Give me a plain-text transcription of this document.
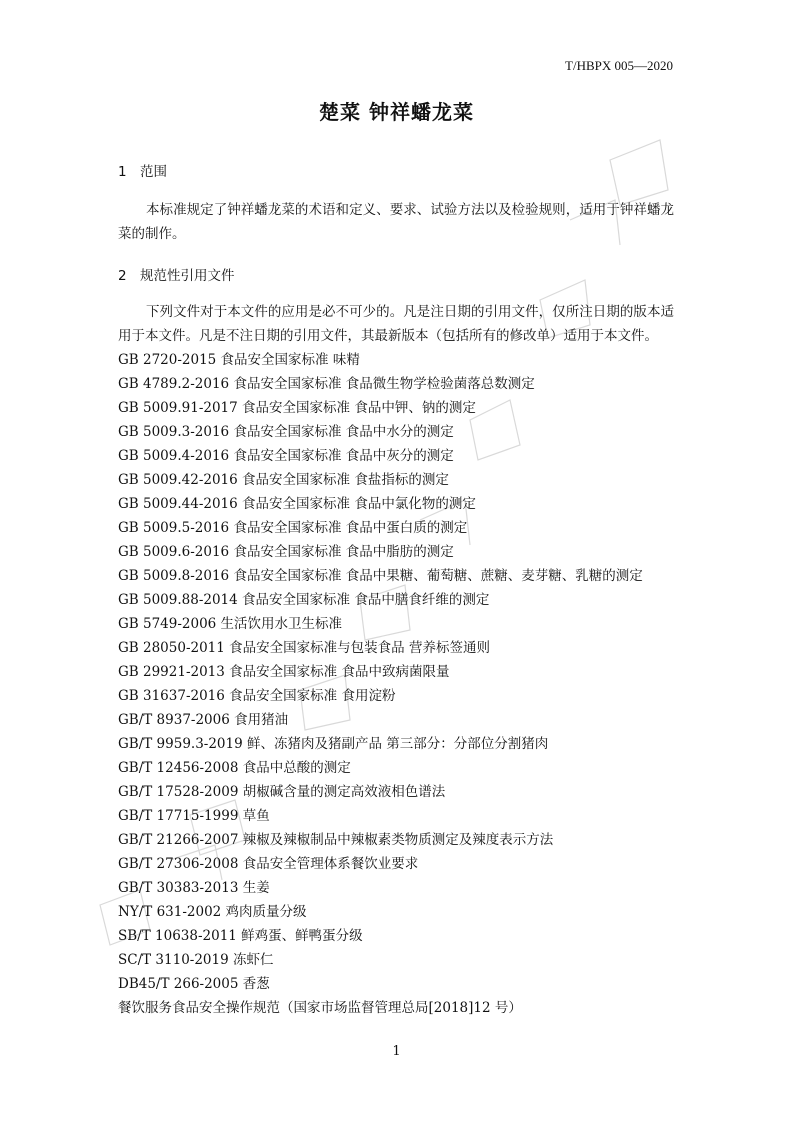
T/HBPX 005—2020
楚菜 钟祥蟠龙菜
1 范围
本标准规定了钟祥蟠龙菜的术语和定义、要求、试验方法以及检验规则，适用于钟祥蟠龙菜的制作。
2 规范性引用文件
下列文件对于本文件的应用是必不可少的。凡是注日期的引用文件，仅所注日期的版本适用于本文件。凡是不注日期的引用文件，其最新版本（包括所有的修改单）适用于本文件。
GB 2720-2015 食品安全国家标准 味精
GB 4789.2-2016 食品安全国家标准 食品微生物学检验菌落总数测定
GB 5009.91-2017 食品安全国家标准 食品中钾、钠的测定
GB 5009.3-2016 食品安全国家标准 食品中水分的测定
GB 5009.4-2016 食品安全国家标准 食品中灰分的测定
GB 5009.42-2016 食品安全国家标准 食盐指标的测定
GB 5009.44-2016 食品安全国家标准 食品中氯化物的测定
GB 5009.5-2016 食品安全国家标准 食品中蛋白质的测定
GB 5009.6-2016 食品安全国家标准 食品中脂肪的测定
GB 5009.8-2016 食品安全国家标准 食品中果糖、葡萄糖、蔗糖、麦芽糖、乳糖的测定
GB 5009.88-2014 食品安全国家标准 食品中膳食纤维的测定
GB 5749-2006 生活饮用水卫生标准
GB 28050-2011 食品安全国家标准与包装食品 营养标签通则
GB 29921-2013 食品安全国家标准 食品中致病菌限量
GB 31637-2016 食品安全国家标准 食用淀粉
GB/T 8937-2006 食用猪油
GB/T 9959.3-2019 鲜、冻猪肉及猪副产品 第三部分：分部位分割猪肉
GB/T 12456-2008 食品中总酸的测定
GB/T 17528-2009 胡椒碱含量的测定高效液相色谱法
GB/T 17715-1999 草鱼
GB/T 21266-2007 辣椒及辣椒制品中辣椒素类物质测定及辣度表示方法
GB/T 27306-2008 食品安全管理体系餐饮业要求
GB/T 30383-2013 生姜
NY/T 631-2002 鸡肉质量分级
SB/T 10638-2011 鲜鸡蛋、鲜鸭蛋分级
SC/T 3110-2019 冻虾仁
DB45/T 266-2005 香葱
餐饮服务食品安全操作规范（国家市场监督管理总局[2018]12 号）
1
